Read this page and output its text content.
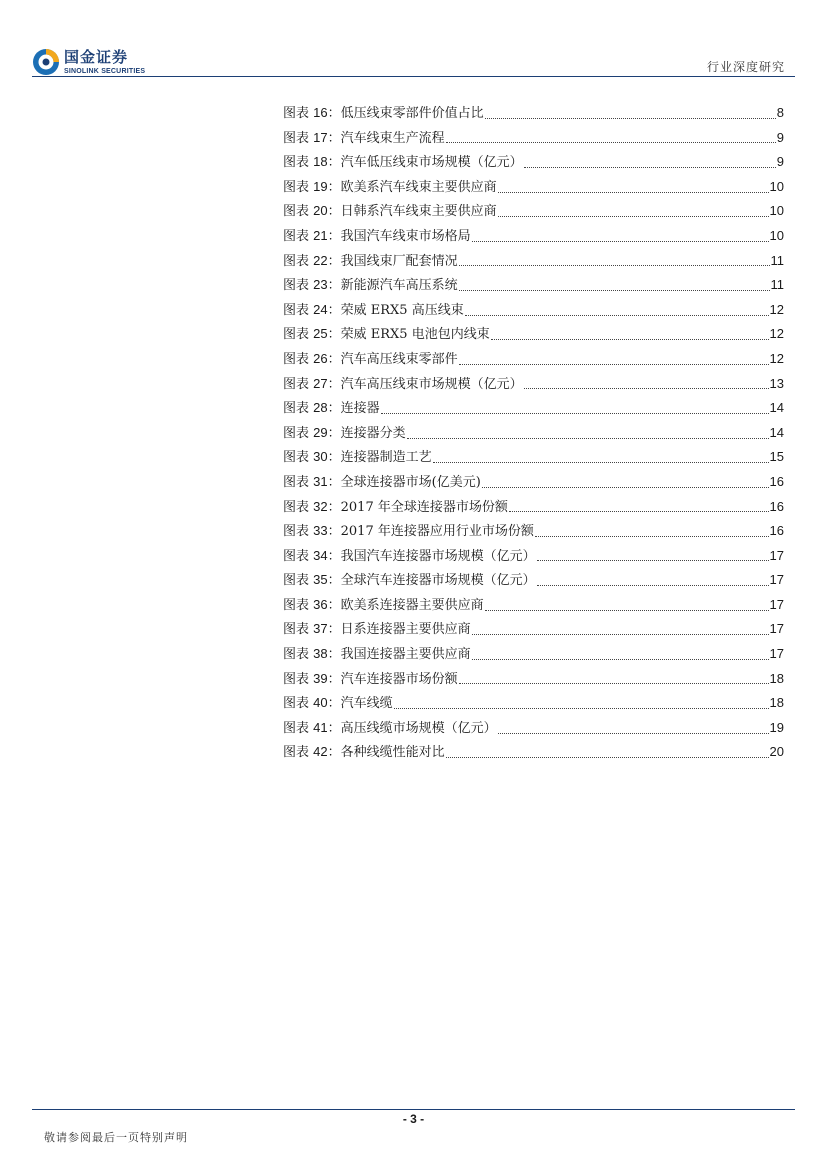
国金证券
SINOLINK SECURITIES	行业深度研究
图表 16：低压线束零部件价值占比	8
图表 17：汽车线束生产流程	9
图表 18：汽车低压线束市场规模（亿元）	9
图表 19：欧美系汽车线束主要供应商	10
图表 20：日韩系汽车线束主要供应商	10
图表 21：我国汽车线束市场格局	10
图表 22：我国线束厂配套情况	11
图表 23：新能源汽车高压系统	11
图表 24：荣威 ERX5 高压线束	12
图表 25：荣威 ERX5 电池包内线束	12
图表 26：汽车高压线束零部件	12
图表 27：汽车高压线束市场规模（亿元）	13
图表 28：连接器	14
图表 29：连接器分类	14
图表 30：连接器制造工艺	15
图表 31：全球连接器市场(亿美元)	16
图表 32：2017 年全球连接器市场份额	16
图表 33：2017 年连接器应用行业市场份额	16
图表 34：我国汽车连接器市场规模（亿元）	17
图表 35：全球汽车连接器市场规模（亿元）	17
图表 36：欧美系连接器主要供应商	17
图表 37：日系连接器主要供应商	17
图表 38：我国连接器主要供应商	17
图表 39：汽车连接器市场份额	18
图表 40：汽车线缆	18
图表 41：高压线缆市场规模（亿元）	19
图表 42：各种线缆性能对比	20
- 3 -
敬请参阅最后一页特别声明
